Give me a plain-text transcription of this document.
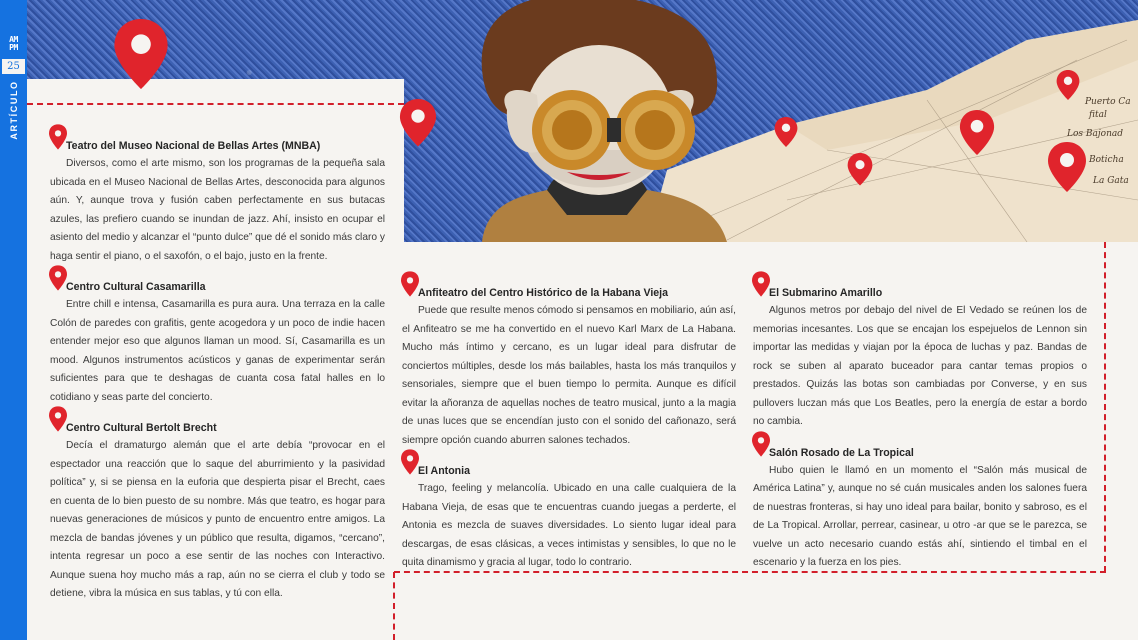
Puerto Ca
fital
Los Bajonad
Boticha
La Gata
AM
PM
25
ARTÍCULO
Teatro del Museo Nacional de Bellas Artes (MNBA)

Diversos, como el arte mismo, son los programas de la pequeña sala ubicada en el Museo Nacional de Bellas Artes, desconocida para algunos aún. Y, aunque trova y fusión caben perfectamente en sus butacas azules, las prefiero cuando se inundan de jazz. Ahí, insisto en ocupar el asiento del medio y alcanzar el “punto dulce” que dé el sonido más claro y haga sentir el piano, o el saxofón, o el bajo, justo en la frente.

Centro Cultural Casamarilla

Entre chill e intensa, Casamarilla es pura aura. Una terraza en la calle Colón de paredes con grafitis, gente acogedora y un poco de indie hacen entender mejor eso que algunos llaman un mood. Sí, Casamarilla es un mood. Algunos instrumentos acústicos y ganas de experimentar serán suficientes para que te deshagas de cuanta cosa fatal halles en lo cotidiano y seas parte del concierto.

Centro Cultural Bertolt Brecht

Decía el dramaturgo alemán que el arte debía “provocar en el espectador una reacción que lo saque del aburrimiento y la pasividad política” y, si se piensa en la euforia que despierta pisar el Brecht, caes en cuenta de lo bien puesto de su nombre. Más que teatro, es hogar para nuevas generaciones de músicos y punto de encuentro entre amigos. La mezcla de bandas jóvenes y un público que resulta, digamos, “cercano”, intenta regresar un poco a ese sentir de las noches con Interactivo. Aunque suena hoy mucho más a rap, aún no se cierra el club y todo se detiene, vibra la música en sus tablas, y tú con ella.

Anfiteatro del Centro Histórico de la Habana Vieja

Puede que resulte menos cómodo si pensamos en mobiliario, aún así, el Anfiteatro se me ha convertido en el nuevo Karl Marx de La Habana. Mucho más íntimo y cercano, es un lugar ideal para disfrutar de conciertos múltiples, desde los más bailables, hasta los más tranquilos y sensoriales, siempre que el buen tiempo lo permita. Aunque es difícil evitar la añoranza de aquellas noches de teatro musical, junto a la magia de unas luces que se encendían justo con el sonido del cañonazo, será siempre opción cuando aburren salones techados.

El Antonia

Trago, feeling y melancolía. Ubicado en una calle cualquiera de la Habana Vieja, de esas que te encuentras cuando juegas a perderte, el Antonia es mezcla de suaves diversidades. Lo siento lugar ideal para descargas, de esas clásicas, a veces intimistas y sensibles, lo que no le quita dinamismo y gracia al lugar, todo lo contrario.

El Submarino Amarillo

Algunos metros por debajo del nivel de El Vedado se reúnen los de memorias incesantes. Los que se encajan los espejuelos de Lennon sin importar las medidas y viajan por la época de luchas y paz. Bandas de rock se suben al aparato buceador para cantar temas propios o prestados. Quizás las botas son cambiadas por Converse, y en sus pullovers luczan más que Los Beatles, pero la energía de estar a bordo no cambia.

Salón Rosado de La Tropical

Hubo quien le llamó en un momento el “Salón más musical de América Latina” y, aunque no sé cuán musicales anden los salones fuera de nuestras fronteras, si hay uno ideal para bailar, bonito y sabroso, es el de La Tropical. Arrollar, perrear, casinear, u otro -ar que se le parezca, se vuelve un acto necesario cuando estás ahí, sintiendo el timbal en el escenario y la fuerza en los pies.
